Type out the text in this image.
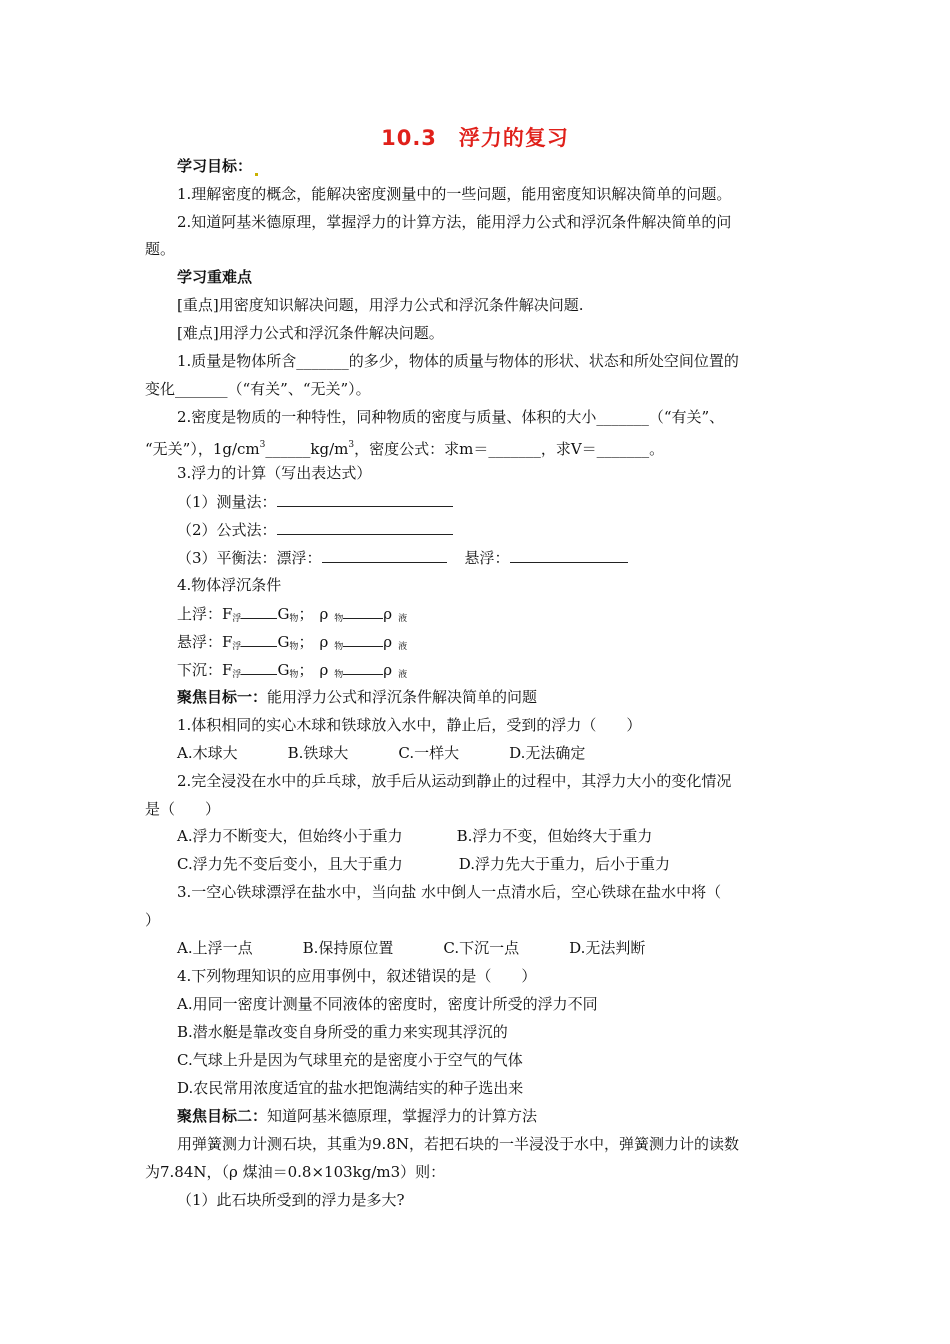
10.3　浮力的复习
学习目标：
1.理解密度的概念，能解决密度测量中的一些问题，能用密度知识解决简单的问题。
2.知道阿基米德原理，掌握浮力的计算方法，能用浮力公式和浮沉条件解决简单的问
题。
学习重难点
[重点]用密度知识解决问题，用浮力公式和浮沉条件解决问题.
[难点]用浮力公式和浮沉条件解决问题。
1.质量是物体所含_______的多少，物体的质量与物体的形状、状态和所处空间位置的
变化_______（“有关”、“无关”）。
2.密度是物质的一种特性，同种物质的密度与质量、体积的大小_______（“有关”、
“无关”），$1g/cm^3\_\_\_\_\_\_kg/m^3$，密度公式：求m＝_______，求V＝_______。
3.浮力的计算（写出表达式）
（1）测量法：
（2）公式法：
（3）平衡法：漂浮：	悬浮：
4.物体浮沉条件
上浮：$F_浮$ $G_物$； ρ $_物$	ρ $_液$
悬浮：$F_浮$ $G_物$； ρ $_物$	ρ $_液$
下沉：$F_浮$ $G_物$； ρ $_物$	ρ $_液$
聚焦目标一：能用浮力公式和浮沉条件解决简单的问题
1.体积相同的实心木球和铁球放入水中，静止后，受到的浮力（　　）
A.木球大	B.铁球大	C.一样大	D.无法确定
2.完全浸没在水中的乒乓球，放手后从运动到静止的过程中，其浮力大小的变化情况
是（　　）
A.浮力不断变大，但始终小于重力	B.浮力不变，但始终大于重力
C.浮力先不变后变小，且大于重力	D.浮力先大于重力，后小于重力
3.一空心铁球漂浮在盐水中，当向盐 水中倒人一点清水后，空心铁球在盐水中将（
）
A.上浮一点	B.保持原位置	C.下沉一点	D.无法判断
4.下列物理知识的应用事例中，叙述错误的是（　　）
A.用同一密度计测量不同液体的密度时，密度计所受的浮力不同
B.潜水艇是靠改变自身所受的重力来实现其浮沉的
C.气球上升是因为气球里充的是密度小于空气的气体
D.农民常用浓度适宜的盐水把饱满结实的种子选出来
聚焦目标二：知道阿基米德原理，掌握浮力的计算方法
用弹簧测力计测石块，其重为9.8N，若把石块的一半浸没于水中，弹簧测力计的读数
为7.84N，（ρ 煤油＝0.8×103kg/m3）则：
（1）此石块所受到的浮力是多大?
